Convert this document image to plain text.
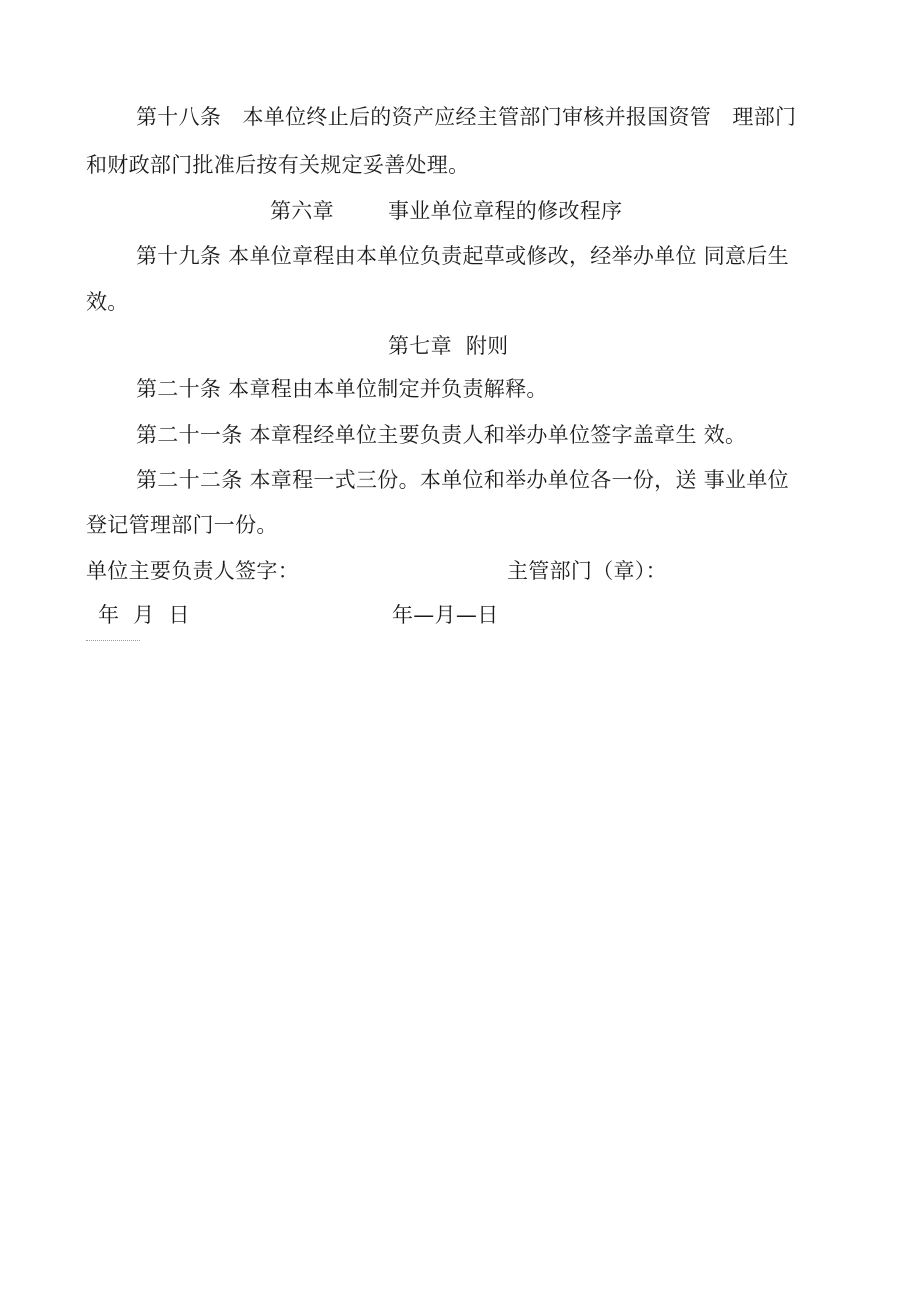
第十八条　本单位终止后的资产应经主管部门审核并报国资管　理部门
和财政部门批准后按有关规定妥善处理。
第六章	事业单位章程的修改程序
第十九条 本单位章程由本单位负责起草或修改，经举办单位 同意后生
效。
第七章  附则
第二十条 本章程由本单位制定并负责解释。
第二十一条 本章程经单位主要负责人和举办单位签字盖章生 效。
第二十二条 本章程一式三份。本单位和举办单位各一份，送 事业单位
登记管理部门一份。
单位主要负责人签字：	主管部门（章）：
年  月  日	年—月—日
